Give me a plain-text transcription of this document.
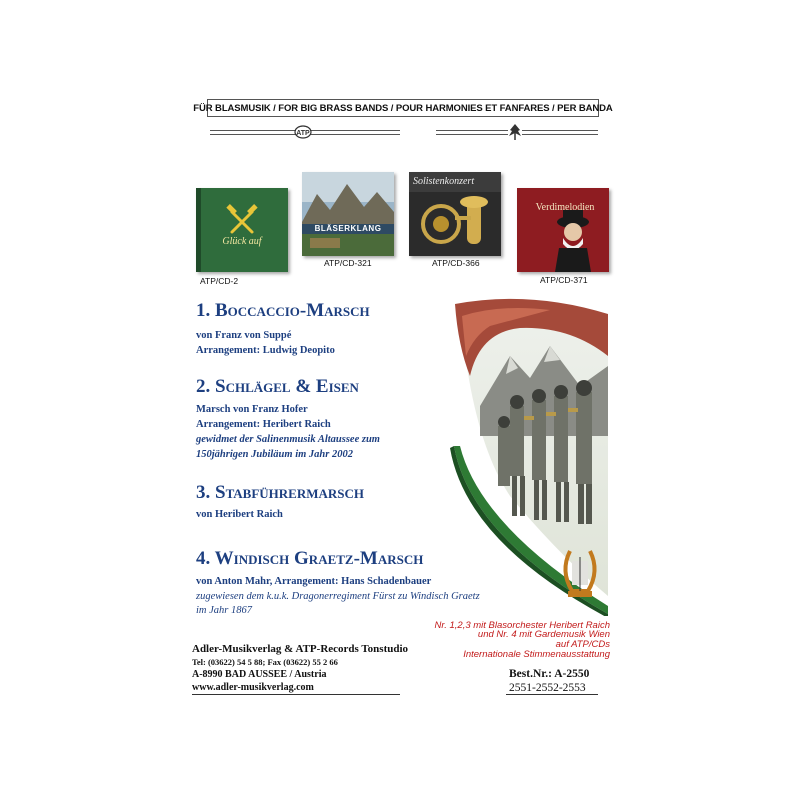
FÜR BLASMUSIK / FOR BIG BRASS BANDS / POUR HARMONIES ET FANFARES / PER BANDA
ATP
Glück auf
ATP/CD-2
BLÄSERKLANG
ATP/CD-321
Solistenkonzert
ATP/CD-366
Verdimelodien
ATP/CD-371
1. Boccaccio-Marsch
von Franz von Suppé
Arrangement: Ludwig Deopito
2. Schlägel & Eisen
Marsch von Franz Hofer
Arrangement: Heribert Raich
gewidmet der Salinenmusik Altaussee zum
150jährigen Jubiläum im Jahr 2002
3. Stabführermarsch
von Heribert Raich
4. Windisch Graetz-Marsch
von Anton Mahr, Arrangement: Hans Schadenbauer
zugewiesen dem k.u.k. Dragonerregiment Fürst zu Windisch Graetz
im Jahr 1867
Nr. 1,2,3 mit Blasorchester Heribert Raich
und Nr. 4 mit Gardemusik Wien
auf ATP/CDs
Internationale Stimmenausstattung
Adler-Musikverlag & ATP-Records Tonstudio
Tel: (03622) 54 5 88; Fax (03622) 55 2 66
A-8990 BAD AUSSEE / Austria
www.adler-musikverlag.com
Best.Nr.: A-2550
2551-2552-2553
